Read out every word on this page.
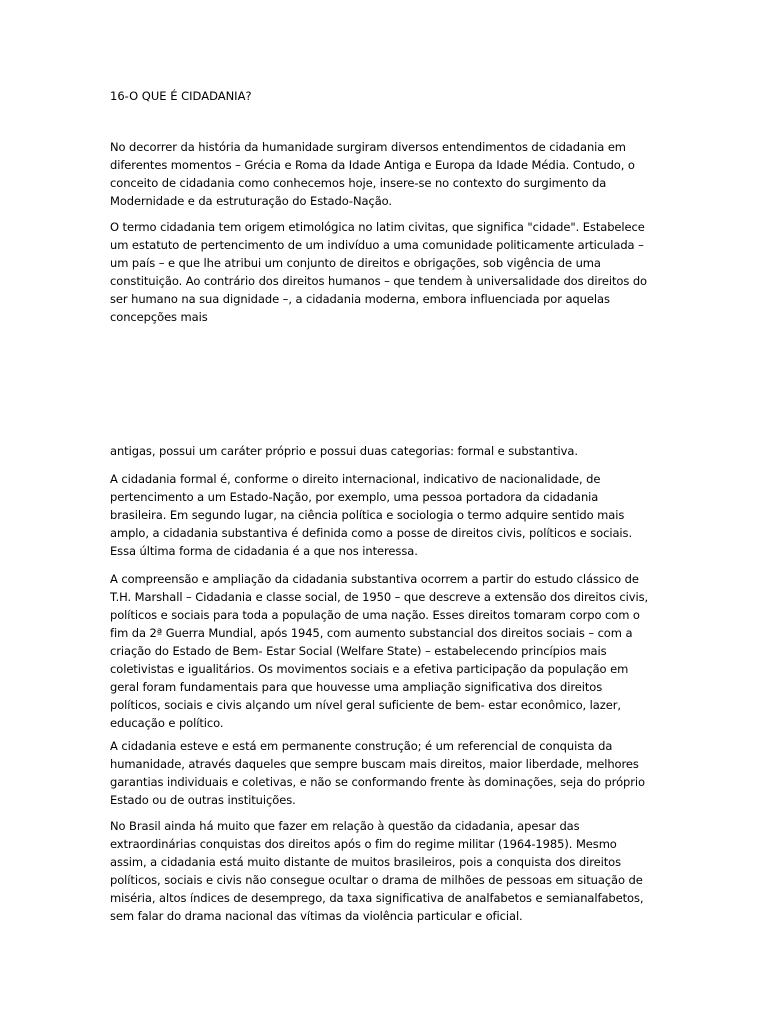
16-O QUE É CIDADANIA?

No decorrer da história da humanidade surgiram diversos entendimentos de cidadania em
diferentes momentos – Grécia e Roma da Idade Antiga e Europa da Idade Média. Contudo, o
conceito de cidadania como conhecemos hoje, insere-se no contexto do surgimento da
Modernidade e da estruturação do Estado-Nação.

O termo cidadania tem origem etimológica no latim civitas, que significa "cidade". Estabelece
um estatuto de pertencimento de um indivíduo a uma comunidade politicamente articulada –
um país – e que lhe atribui um conjunto de direitos e obrigações, sob vigência de uma
constituição. Ao contrário dos direitos humanos – que tendem à universalidade dos direitos do
ser humano na sua dignidade –, a cidadania moderna, embora influenciada por aquelas
concepções mais

antigas, possui um caráter próprio e possui duas categorias: formal e substantiva.

A cidadania formal é, conforme o direito internacional, indicativo de nacionalidade, de
pertencimento a um Estado-Nação, por exemplo, uma pessoa portadora da cidadania
brasileira. Em segundo lugar, na ciência política e sociologia o termo adquire sentido mais
amplo, a cidadania substantiva é definida como a posse de direitos civis, políticos e sociais.
Essa última forma de cidadania é a que nos interessa.

A compreensão e ampliação da cidadania substantiva ocorrem a partir do estudo clássico de
T.H. Marshall – Cidadania e classe social, de 1950 – que descreve a extensão dos direitos civis,
políticos e sociais para toda a população de uma nação. Esses direitos tomaram corpo com o
fim da 2ª Guerra Mundial, após 1945, com aumento substancial dos direitos sociais – com a
criação do Estado de Bem- Estar Social (Welfare State) – estabelecendo princípios mais
coletivistas e igualitários. Os movimentos sociais e a efetiva participação da população em
geral foram fundamentais para que houvesse uma ampliação significativa dos direitos
políticos, sociais e civis alçando um nível geral suficiente de bem- estar econômico, lazer,
educação e político.

A cidadania esteve e está em permanente construção; é um referencial de conquista da
humanidade, através daqueles que sempre buscam mais direitos, maior liberdade, melhores
garantias individuais e coletivas, e não se conformando frente às dominações, seja do próprio
Estado ou de outras instituições.

No Brasil ainda há muito que fazer em relação à questão da cidadania, apesar das
extraordinárias conquistas dos direitos após o fim do regime militar (1964-1985). Mesmo
assim, a cidadania está muito distante de muitos brasileiros, pois a conquista dos direitos
políticos, sociais e civis não consegue ocultar o drama de milhões de pessoas em situação de
miséria, altos índices de desemprego, da taxa significativa de analfabetos e semianalfabetos,
sem falar do drama nacional das vítimas da violência particular e oficial.
